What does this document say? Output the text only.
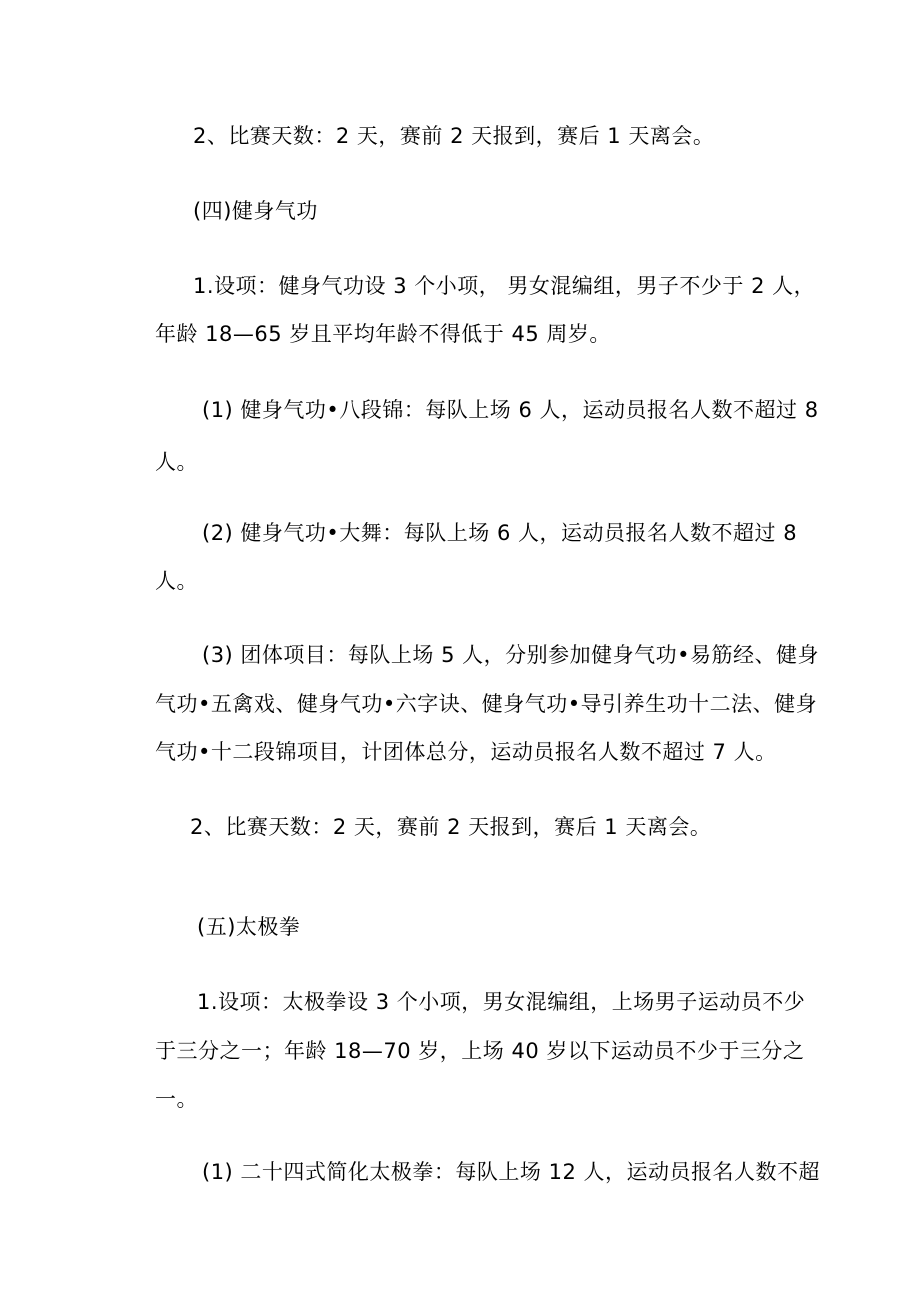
2、比赛天数：2 天，赛前 2 天报到，赛后 1 天离会。
(四)健身气功
1.设项：健身气功设 3 个小项， 男女混编组，男子不少于 2 人，
年龄 18—65 岁且平均年龄不得低于 45 周岁。
(1) 健身气功•八段锦：每队上场 6 人，运动员报名人数不超过 8
人。
(2) 健身气功•大舞：每队上场 6 人，运动员报名人数不超过 8
人。
(3) 团体项目：每队上场 5 人，分别参加健身气功•易筋经、健身
气功•五禽戏、健身气功•六字诀、健身气功•导引养生功十二法、健身
气功•十二段锦项目，计团体总分，运动员报名人数不超过 7 人。
2、比赛天数：2 天，赛前 2 天报到，赛后 1 天离会。
(五)太极拳
1.设项：太极拳设 3 个小项，男女混编组，上场男子运动员不少
于三分之一；年龄 18—70 岁，上场 40 岁以下运动员不少于三分之
一。
(1) 二十四式简化太极拳：每队上场 12 人，运动员报名人数不超
